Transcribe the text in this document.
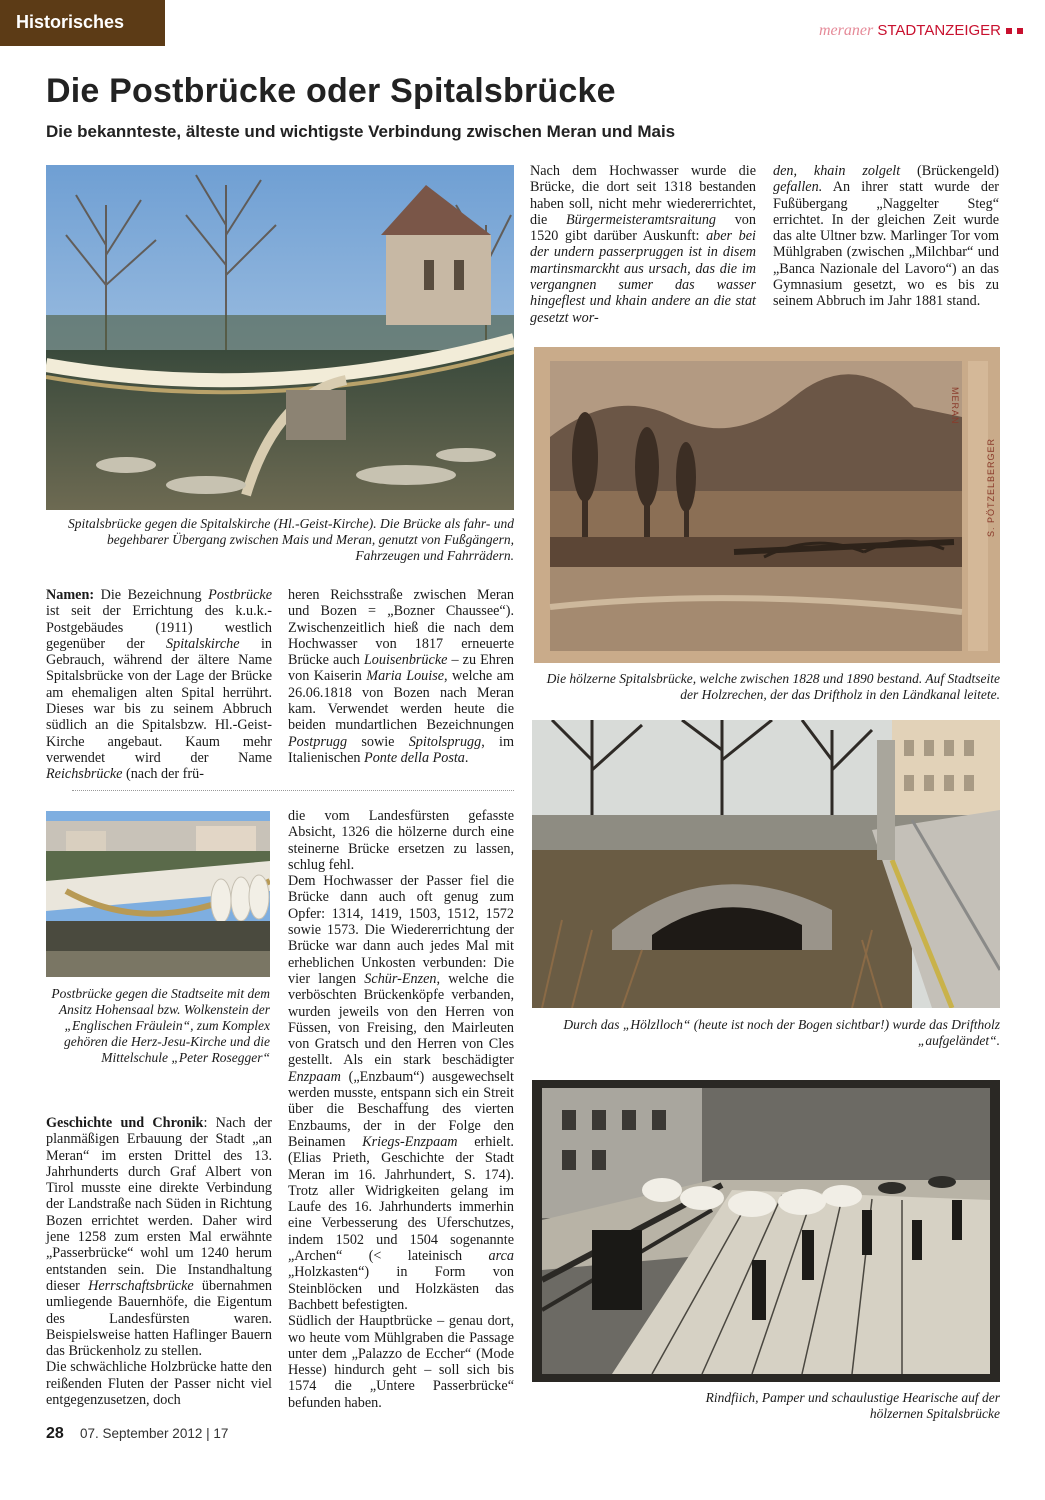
Historisches	meraner STADTANZEIGER
Die Postbrücke oder Spitalsbrücke
Die bekannteste, älteste und wichtigste Verbindung zwischen Meran und Mais
Spitalsbrücke gegen die Spitalskirche (Hl.-Geist-Kirche). Die Brücke als fahr- und begehbarer Übergang zwischen Mais und Meran, genutzt von Fußgängern, Fahrzeugen und Fahrrädern.

Nach dem Hochwasser wurde die Brücke, die dort seit 1318 bestanden haben soll, nicht mehr wiedererrichtet, die Bürgermeisteramtsraitung von 1520 gibt darüber Auskunft: aber bei der undern passerpruggen ist in disem martinsmarckht aus ursach, das die im vergangnen sumer das wasser hingeflest und khain andere an die stat gesetzt wor-

den, khain zolgelt (Brückengeld) gefallen. An ihrer statt wurde der Fußübergang „Naggelter Steg“ errichtet. In der gleichen Zeit wurde das alte Ultner bzw. Marlinger Tor vom Mühlgraben (zwischen „Milchbar“ und „Banca Nazionale del Lavoro“) an das Gymnasium gesetzt, wo es bis zu seinem Abbruch im Jahr 1881 stand.

MERAN
S. PÖTZELBERGER
Die hölzerne Spitalsbrücke, welche zwischen 1828 und 1890 bestand. Auf Stadtseite der Holzrechen, der das Driftholz in den Ländkanal leitete.

Namen: Die Bezeichnung Postbrücke ist seit der Errichtung des k.u.k.-Postgebäudes (1911) westlich gegenüber der Spitalskirche in Gebrauch, während der ältere Name Spitalsbrücke von der Lage der Brücke am ehemaligen alten Spital herrührt. Dieses war bis zu seinem Abbruch südlich an die Spitalsbzw. Hl.-Geist-Kirche angebaut. Kaum mehr verwendet wird der Name Reichsbrücke (nach der frü-

heren Reichsstraße zwischen Meran und Bozen = „Bozner Chaussee“). Zwischenzeitlich hieß die nach dem Hochwasser von 1817 erneuerte Brücke auch Louisenbrücke – zu Ehren von Kaiserin Maria Louise, welche am 26.06.1818 von Bozen nach Meran kam. Verwendet werden heute die beiden mundartlichen Bezeichnungen Postprugg sowie Spitolsprugg, im Italienischen Ponte della Posta.

Postbrücke gegen die Stadtseite mit dem Ansitz Hohensaal bzw. Wolkenstein der „Englischen Fräulein“, zum Komplex gehören die Herz-Jesu-Kirche und die Mittelschule „Peter Rosegger“
Durch das „Hölzlloch“ (heute ist noch der Bogen sichtbar!) wurde das Driftholz „aufgeländet“.

Geschichte und Chronik: Nach der planmäßigen Erbauung der Stadt „an Meran“ im ersten Drittel des 13. Jahrhunderts durch Graf Albert von Tirol musste eine direkte Verbindung der Landstraße nach Süden in Richtung Bozen errichtet werden. Daher wird jene 1258 zum ersten Mal erwähnte „Passerbrücke“ wohl um 1240 herum entstanden sein. Die Instandhaltung dieser Herrschaftsbrücke übernahmen umliegende Bauernhöfe, die Eigentum des Landesfürsten waren. Beispielsweise hatten Haflinger Bauern das Brückenholz zu stellen.

Die schwächliche Holzbrücke hatte den reißenden Fluten der Passer nicht viel entgegenzusetzen, doch

die vom Landesfürsten gefasste Absicht, 1326 die hölzerne durch eine steinerne Brücke ersetzen zu lassen, schlug fehl.

Dem Hochwasser der Passer fiel die Brücke dann auch oft genug zum Opfer: 1314, 1419, 1503, 1512, 1572 sowie 1573. Die Wiedererrichtung der Brücke war dann auch jedes Mal mit erheblichen Unkosten verbunden: Die vier langen Schür-Enzen, welche die verböschten Brückenköpfe verbanden, wurden jeweils von den Herren von Füssen, von Freising, den Mairleuten von Gratsch und den Herren von Cles gestellt. Als ein stark beschädigter Enzpaam („Enzbaum“) ausgewechselt werden musste, entspann sich ein Streit über die Beschaffung des vierten Enzbaums, der in der Folge den Beinamen Kriegs-Enzpaam erhielt. (Elias Prieth, Geschichte der Stadt Meran im 16. Jahrhundert, S. 174). Trotz aller Widrigkeiten gelang im Laufe des 16. Jahrhunderts immerhin eine Verbesserung des Uferschutzes, indem 1502 und 1504 sogenannte „Archen“ (< lateinisch arca „Holzkasten“) in Form von Steinblöcken und Holzkästen das Bachbett befestigten.

Südlich der Hauptbrücke – genau dort, wo heute vom Mühlgraben die Passage unter dem „Palazzo de Eccher“ (Mode Hesse) hindurch geht – soll sich bis 1574 die „Untere Passerbrücke“ befunden haben.	Rindfiich, Pamper und schaulustige Hearische auf der hölzernen Spitalsbrücke
28 07. September 2012 | 17
